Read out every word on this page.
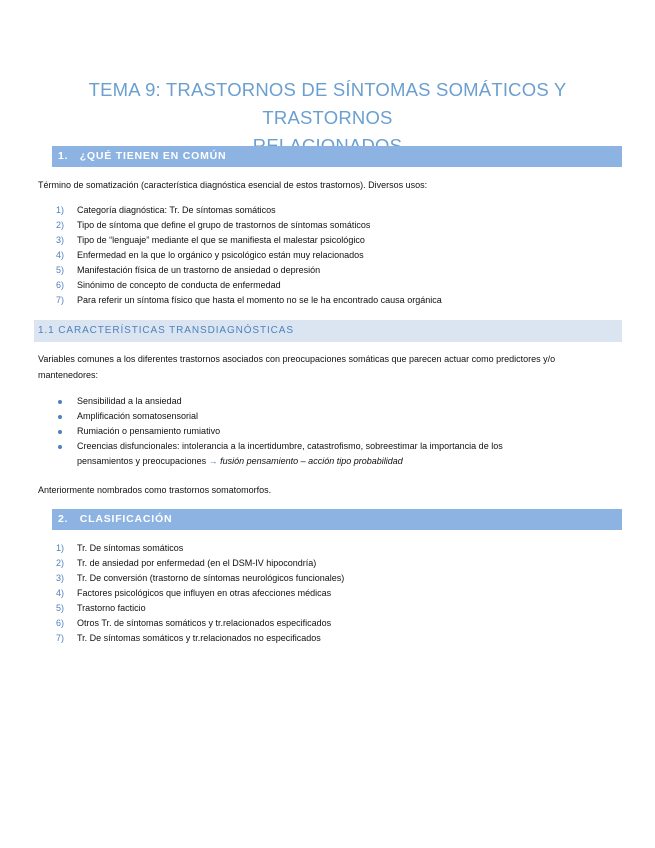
TEMA 9: TRASTORNOS DE SÍNTOMAS SOMÁTICOS Y TRASTORNOS
1. ¿QUÉ TIENEN EN COMÚN
Término de somatización (característica diagnóstica esencial de estos trastornos). Diversos usos:
1) Categoría diagnóstica: Tr. De síntomas somáticos
2) Tipo de síntoma que define el grupo de trastornos de síntomas somáticos
3) Tipo de “lenguaje” mediante el que se manifiesta el malestar psicológico
4) Enfermedad en la que lo orgánico y psicológico están muy relacionados
5) Manifestación física de un trastorno de ansiedad o depresión
6) Sinónimo de concepto de conducta de enfermedad
7) Para referir un síntoma físico que hasta el momento no se le ha encontrado causa orgánica
1.1 CARACTERÍSTICAS TRANSDIAGNÓSTICAS
Variables comunes a los diferentes trastornos asociados con preocupaciones somáticas que parecen actuar como predictores y/o
mantenedores:
Sensibilidad a la ansiedad
Amplificación somatosensorial
Rumiación o pensamiento rumiativo
Creencias disfuncionales: intolerancia a la incertidumbre, catastrofismo, sobreestimar la importancia de los
pensamientos y preocupaciones → fusión pensamiento – acción tipo probabilidad
Anteriormente nombrados como trastornos somatomorfos.
2. CLASIFICACIÓN
1) Tr. De síntomas somáticos
2) Tr. de ansiedad por enfermedad (en el DSM-IV hipocondría)
3) Tr. De conversión (trastorno de síntomas neurológicos funcionales)
4) Factores psicológicos que influyen en otras afecciones médicas
5) Trastorno facticio
6) Otros Tr. de síntomas somáticos y tr.relacionados especificados
7) Tr. De síntomas somáticos y tr.relacionados no especificados
